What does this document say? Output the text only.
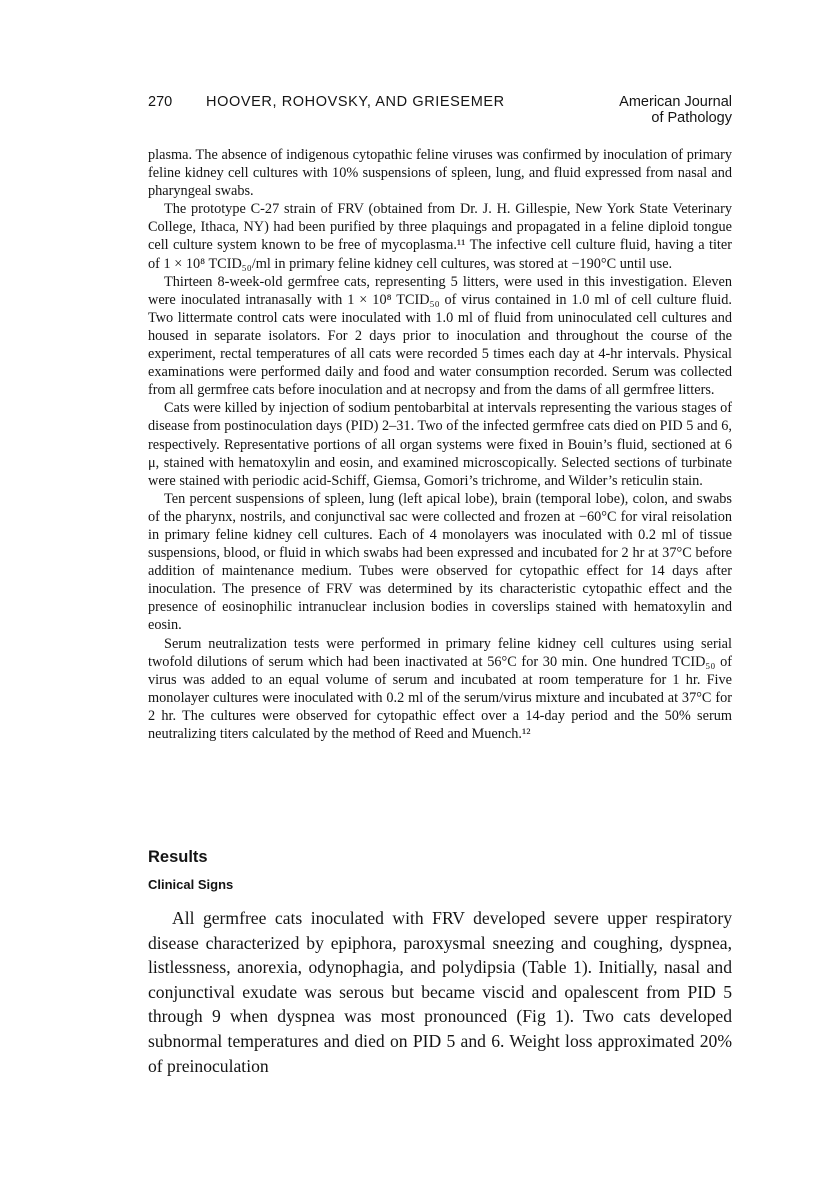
270 HOOVER, ROHOVSKY, AND GRIESEMER	American Journal
of Pathology

plasma. The absence of indigenous cytopathic feline viruses was confirmed by inoculation of primary feline kidney cell cultures with 10% suspensions of spleen, lung, and fluid expressed from nasal and pharyngeal swabs.

The prototype C-27 strain of FRV (obtained from Dr. J. H. Gillespie, New York State Veterinary College, Ithaca, NY) had been purified by three plaquings and propagated in a feline diploid tongue cell culture system known to be free of mycoplasma.¹¹ The infective cell culture fluid, having a titer of 1 × 10⁸ TCID₅₀/ml in primary feline kidney cell cultures, was stored at −190°C until use.

Thirteen 8-week-old germfree cats, representing 5 litters, were used in this investigation. Eleven were inoculated intranasally with 1 × 10⁸ TCID₅₀ of virus contained in 1.0 ml of cell culture fluid. Two littermate control cats were inoculated with 1.0 ml of fluid from uninoculated cell cultures and housed in separate isolators. For 2 days prior to inoculation and throughout the course of the experiment, rectal temperatures of all cats were recorded 5 times each day at 4-hr intervals. Physical examinations were performed daily and food and water consumption recorded. Serum was collected from all germfree cats before inoculation and at necropsy and from the dams of all germfree litters.

Cats were killed by injection of sodium pentobarbital at intervals representing the various stages of disease from postinoculation days (PID) 2–31. Two of the infected germfree cats died on PID 5 and 6, respectively. Representative portions of all organ systems were fixed in Bouin’s fluid, sectioned at 6 μ, stained with hematoxylin and eosin, and examined microscopically. Selected sections of turbinate were stained with periodic acid-Schiff, Giemsa, Gomori’s trichrome, and Wilder’s reticulin stain.

Ten percent suspensions of spleen, lung (left apical lobe), brain (temporal lobe), colon, and swabs of the pharynx, nostrils, and conjunctival sac were collected and frozen at −60°C for viral reisolation in primary feline kidney cell cultures. Each of 4 monolayers was inoculated with 0.2 ml of tissue suspensions, blood, or fluid in which swabs had been expressed and incubated for 2 hr at 37°C before addition of maintenance medium. Tubes were observed for cytopathic effect for 14 days after inoculation. The presence of FRV was determined by its characteristic cytopathic effect and the presence of eosinophilic intranuclear inclusion bodies in coverslips stained with hematoxylin and eosin.

Serum neutralization tests were performed in primary feline kidney cell cultures using serial twofold dilutions of serum which had been inactivated at 56°C for 30 min. One hundred TCID₅₀ of virus was added to an equal volume of serum and incubated at room temperature for 1 hr. Five monolayer cultures were inoculated with 0.2 ml of the serum/virus mixture and incubated at 37°C for 2 hr. The cultures were observed for cytopathic effect over a 14-day period and the 50% serum neutralizing titers calculated by the method of Reed and Muench.¹²

Results
Clinical Signs

All germfree cats inoculated with FRV developed severe upper respiratory disease characterized by epiphora, paroxysmal sneezing and coughing, dyspnea, listlessness, anorexia, odynophagia, and polydipsia (Table 1). Initially, nasal and conjunctival exudate was serous but became viscid and opalescent from PID 5 through 9 when dyspnea was most pronounced (Fig 1). Two cats developed subnormal temperatures and died on PID 5 and 6. Weight loss approximated 20% of preinoculation
